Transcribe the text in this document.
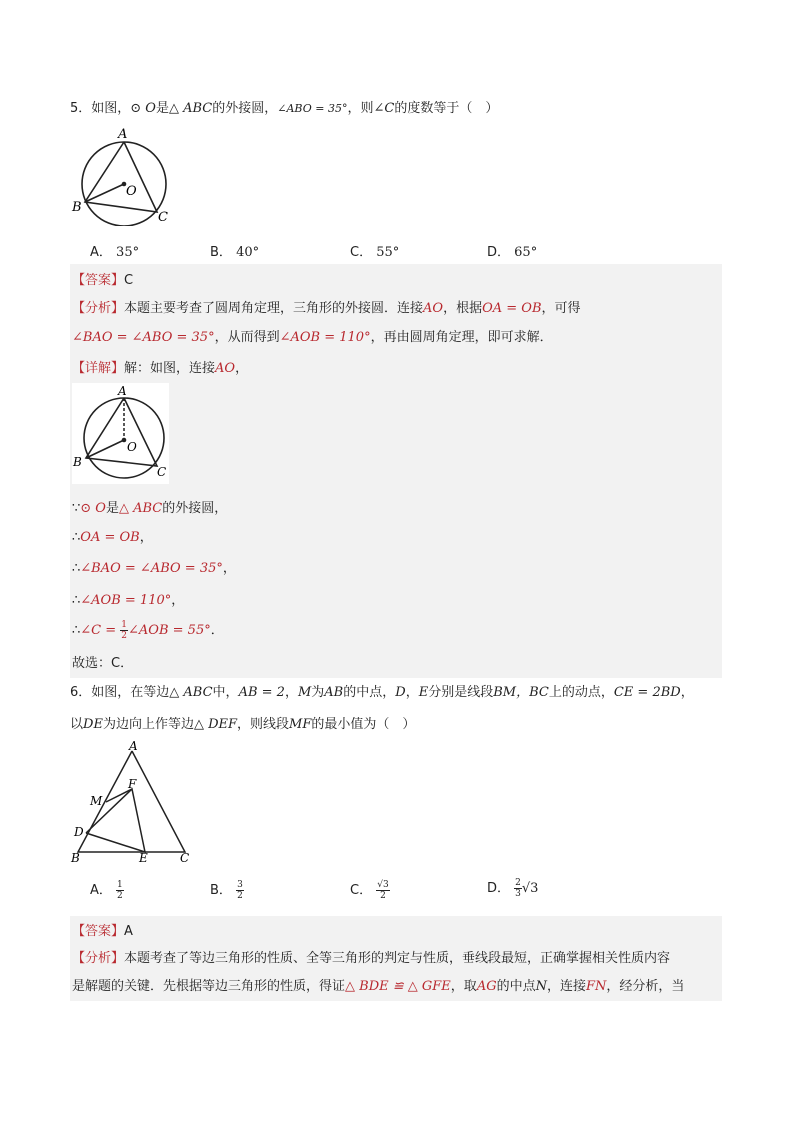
5．如图，⊙ O是△ ABC的外接圆，∠ABO = 35°，则∠C的度数等于（　）
A
B
C
O
A． 35°	B． 40°	C． 55°	D． 65°
【答案】C
【分析】本题主要考查了圆周角定理，三角形的外接圆．连接AO，根据OA = OB，可得
∠BAO = ∠ABO = 35°，从而得到∠AOB = 110°，再由圆周角定理，即可求解．
【详解】解：如图，连接AO，
A
B
C
O
∵⊙ O是△ ABC的外接圆，
∴OA = OB，
∴∠BAO = ∠ABO = 35°，
∴∠AOB = 110°，
∴∠C = $\frac{1}{2}$ ∠AOB = 55°．
故选：C．
6．如图，在等边△ ABC中，AB = 2，M为AB的中点，D，E分别是线段BM，BC上的动点，CE = 2BD，
以DE为边向上作等边△ DEF，则线段MF的最小值为（　）
A
M
F
D
B	E	C
A． $\frac{1}{2}$	B． $\frac{3}{2}$	C． $\frac{√3}{2}$	D． $\frac{2}{3} √3$
【答案】A
【分析】本题考查了等边三角形的性质、全等三角形的判定与性质，垂线段最短，正确掌握相关性质内容
是解题的关键．先根据等边三角形的性质，得证△ BDE ≌ △ GFE，取AG的中点N，连接FN，经分析，当
